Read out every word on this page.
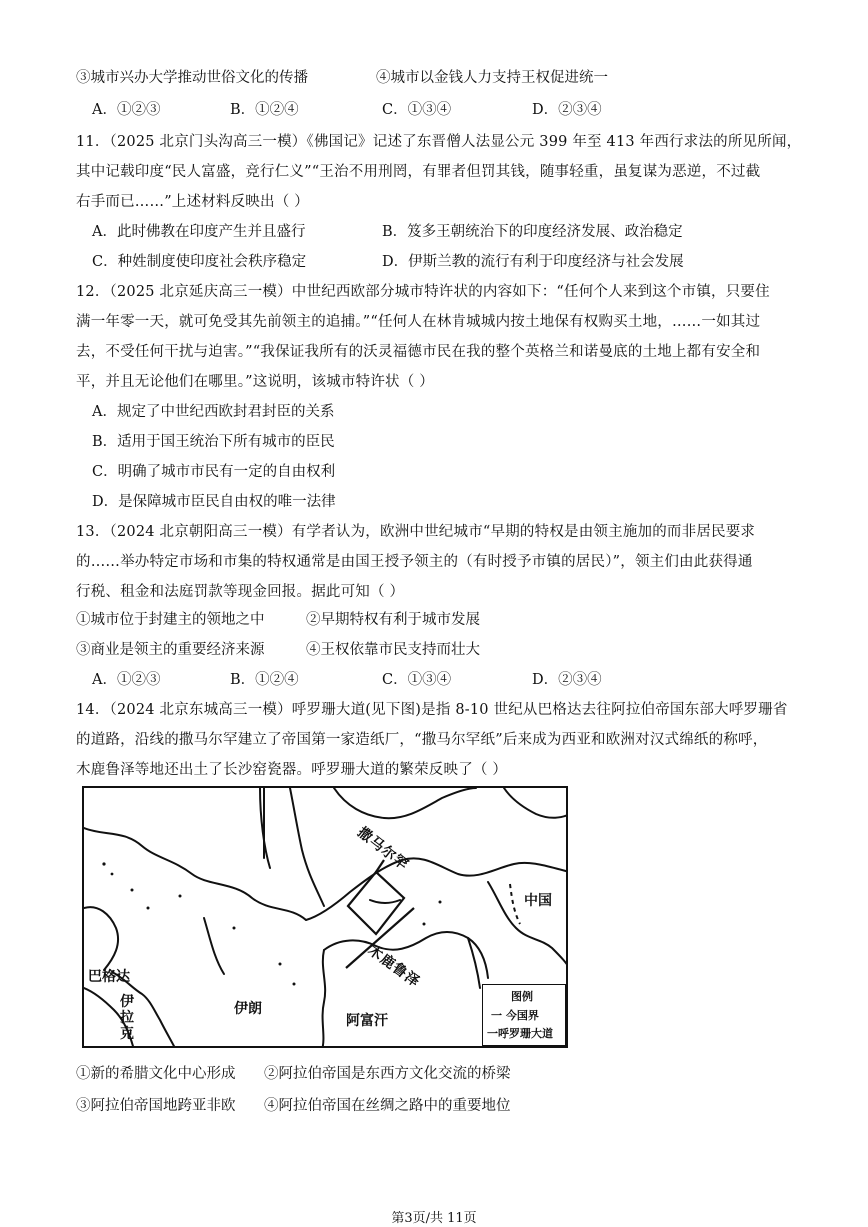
③城市兴办大学推动世俗文化的传播	④城市以金钱人力支持王权促进统一
A．①②③	B．①②④	C．①③④	D．②③④
11．（2025 北京门头沟高三一模）《佛国记》记述了东晋僧人法显公元 399 年至 413 年西行求法的所见所闻，
其中记载印度“民人富盛，竞行仁义”“王治不用刑罔，有罪者但罚其钱，随事轻重，虽复谋为恶逆，不过截
右手而已……”上述材料反映出（ ）
A．此时佛教在印度产生并且盛行	B．笈多王朝统治下的印度经济发展、政治稳定
C．种姓制度使印度社会秩序稳定	D．伊斯兰教的流行有利于印度经济与社会发展
12．（2025 北京延庆高三一模）中世纪西欧部分城市特许状的内容如下：“任何个人来到这个市镇，只要住
满一年零一天，就可免受其先前领主的追捕。”“任何人在林肯城城内按土地保有权购买土地，……一如其过
去，不受任何干扰与迫害。”“我保证我所有的沃灵福德市民在我的整个英格兰和诺曼底的土地上都有安全和
平，并且无论他们在哪里。”这说明，该城市特许状（ ）
A．规定了中世纪西欧封君封臣的关系
B．适用于国王统治下所有城市的臣民
C．明确了城市市民有一定的自由权利
D．是保障城市臣民自由权的唯一法律
13．（2024 北京朝阳高三一模）有学者认为，欧洲中世纪城市“早期的特权是由领主施加的而非居民要求
的……举办特定市场和市集的特权通常是由国王授予领主的（有时授予市镇的居民）”，领主们由此获得通
行税、租金和法庭罚款等现金回报。据此可知（ ）
①城市位于封建主的领地之中	②早期特权有利于城市发展
③商业是领主的重要经济来源	④王权依靠市民支持而壮大
A．①②③	B．①②④	C．①③④	D．②③④
14．（2024 北京东城高三一模）呼罗珊大道(见下图)是指 8-10 世纪从巴格达去往阿拉伯帝国东部大呼罗珊省
的道路，沿线的撒马尔罕建立了帝国第一家造纸厂，“撒马尔罕纸”后来成为西亚和欧洲对汉式绵纸的称呼，
木鹿鲁泽等地还出土了长沙窑瓷器。呼罗珊大道的繁荣反映了（ ）
撒马尔罕
中国
木鹿鲁泽
巴格达
伊拉克
伊朗
阿富汗
图例
一 今国界
一呼罗珊大道
①新的希腊文化中心形成 ②阿拉伯帝国是东西方文化交流的桥梁
③阿拉伯帝国地跨亚非欧 ④阿拉伯帝国在丝绸之路中的重要地位
第3页/共 11页
